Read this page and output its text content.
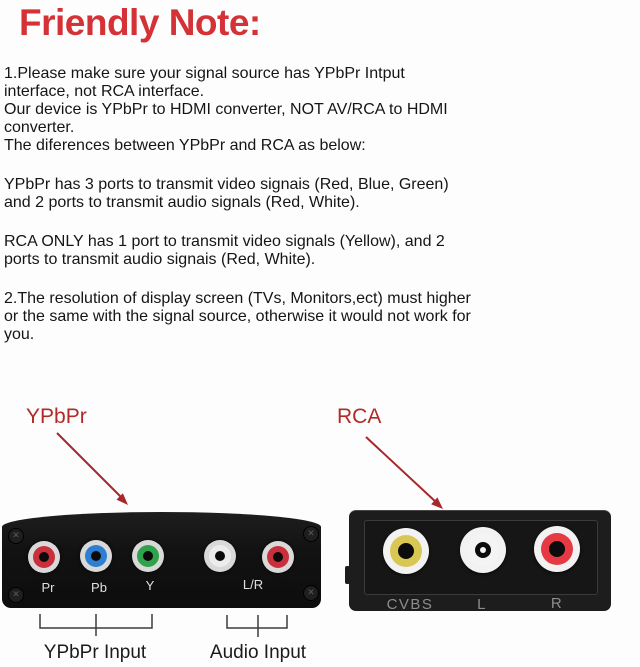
Friendly Note:

1.Please make sure your signal source has YPbPr Intput
interface, not RCA interface.
Our device is YPbPr to HDMI converter, NOT AV/RCA to HDMI
converter.
The diferences between YPbPr and RCA as below:

YPbPr has 3 ports to transmit video signais (Red, Blue, Green)
and 2 ports to transmit audio signals (Red, White).

RCA ONLY has 1 port to transmit video signals (Yellow), and 2
ports to transmit audio signais (Red, White).

2.The resolution of display screen (TVs, Monitors,ect) must higher
or the same with the signal source, otherwise it would not work for
you.

YPbPr	RCA
✕	✕
✕	✕
Pr	Pb	Y	L/R
CVBS	L	R
YPbPr Input	Audio Input
